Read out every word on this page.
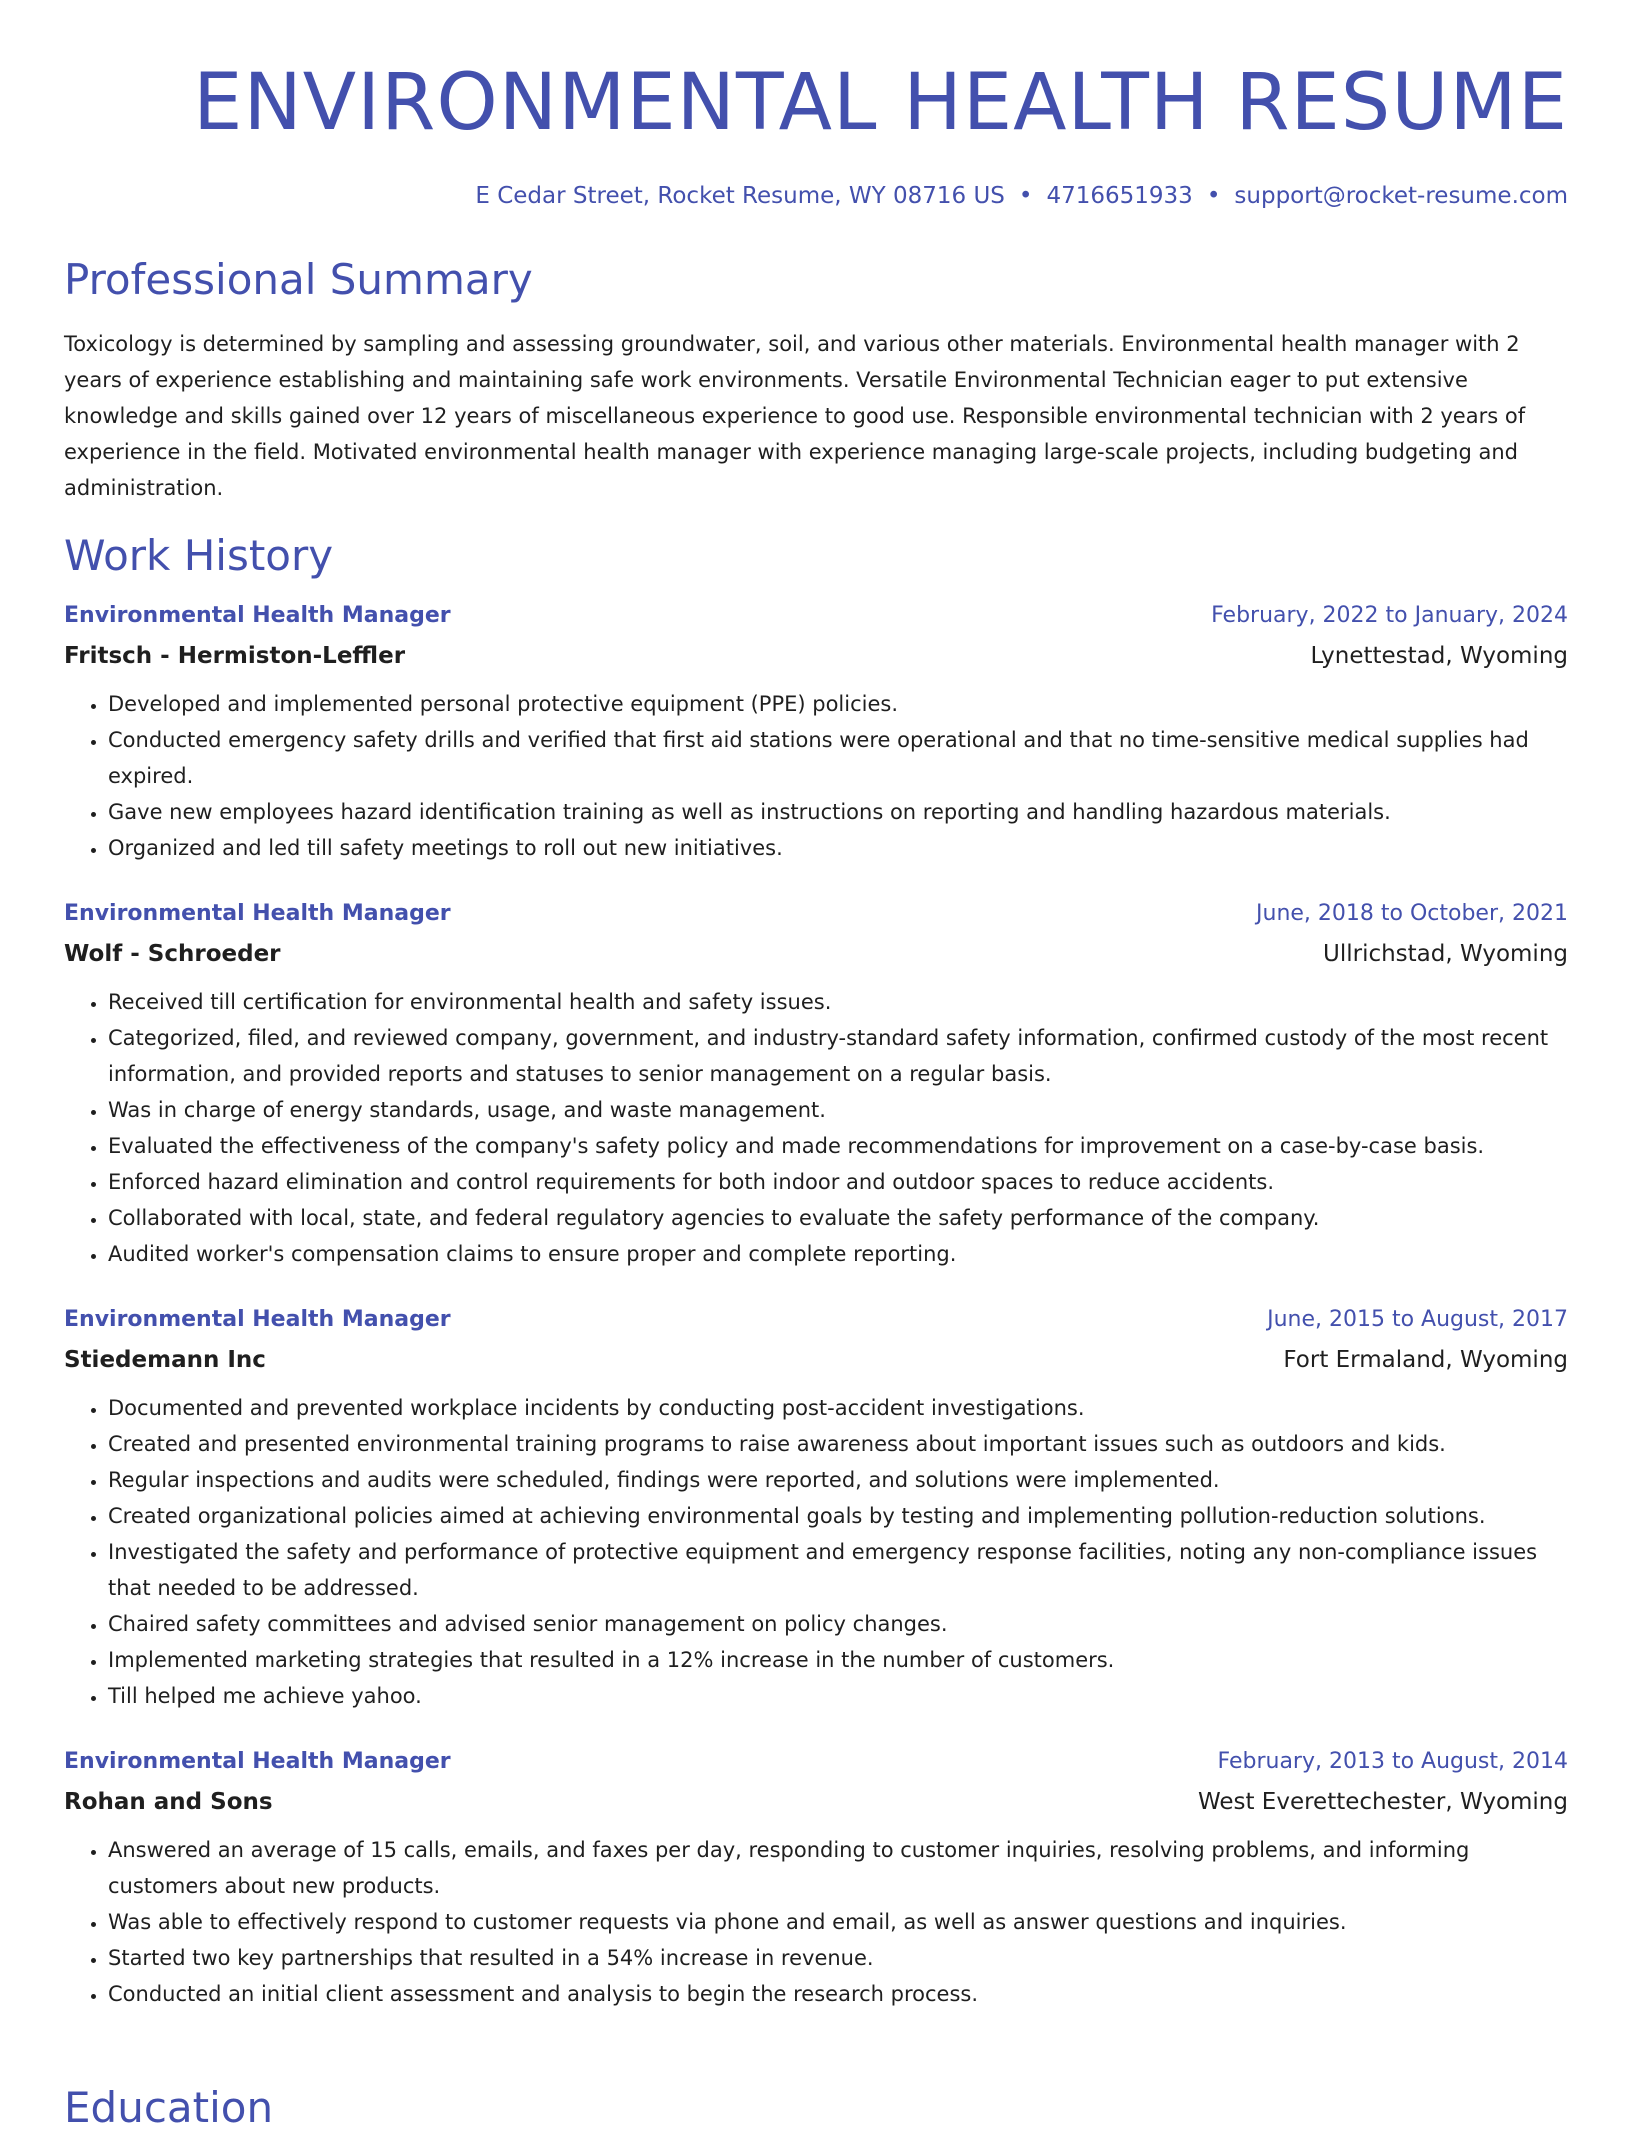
ENVIRONMENTAL HEALTH RESUME
E Cedar Street, Rocket Resume, WY 08716 US • 4716651933 • support@rocket-resume.com
Professional Summary
Toxicology is determined by sampling and assessing groundwater, soil, and various other materials. Environmental health manager with 2 years of experience establishing and maintaining safe work environments. Versatile Environmental Technician eager to put extensive knowledge and skills gained over 12 years of miscellaneous experience to good use. Responsible environmental technician with 2 years of experience in the field. Motivated environmental health manager with experience managing large-scale projects, including budgeting and administration.
Work History
Environmental Health Manager	February, 2022 to January, 2024
Fritsch - Hermiston-Leffler	Lynettestad, Wyoming
• Developed and implemented personal protective equipment (PPE) policies.
• Conducted emergency safety drills and verified that first aid stations were operational and that no time-sensitive medical supplies had expired.
• Gave new employees hazard identification training as well as instructions on reporting and handling hazardous materials.
• Organized and led till safety meetings to roll out new initiatives.
Environmental Health Manager	June, 2018 to October, 2021
Wolf - Schroeder	Ullrichstad, Wyoming
• Received till certification for environmental health and safety issues.
• Categorized, filed, and reviewed company, government, and industry-standard safety information, confirmed custody of the most recent information, and provided reports and statuses to senior management on a regular basis.
• Was in charge of energy standards, usage, and waste management.
• Evaluated the effectiveness of the company's safety policy and made recommendations for improvement on a case-by-case basis.
• Enforced hazard elimination and control requirements for both indoor and outdoor spaces to reduce accidents.
• Collaborated with local, state, and federal regulatory agencies to evaluate the safety performance of the company.
• Audited worker's compensation claims to ensure proper and complete reporting.
Environmental Health Manager	June, 2015 to August, 2017
Stiedemann Inc	Fort Ermaland, Wyoming
• Documented and prevented workplace incidents by conducting post-accident investigations.
• Created and presented environmental training programs to raise awareness about important issues such as outdoors and kids.
• Regular inspections and audits were scheduled, findings were reported, and solutions were implemented.
• Created organizational policies aimed at achieving environmental goals by testing and implementing pollution-reduction solutions.
• Investigated the safety and performance of protective equipment and emergency response facilities, noting any non-compliance issues that needed to be addressed.
• Chaired safety committees and advised senior management on policy changes.
• Implemented marketing strategies that resulted in a 12% increase in the number of customers.
• Till helped me achieve yahoo.
Environmental Health Manager	February, 2013 to August, 2014
Rohan and Sons	West Everettechester, Wyoming
• Answered an average of 15 calls, emails, and faxes per day, responding to customer inquiries, resolving problems, and informing customers about new products.
• Was able to effectively respond to customer requests via phone and email, as well as answer questions and inquiries.
• Started two key partnerships that resulted in a 54% increase in revenue.
• Conducted an initial client assessment and analysis to begin the research process.
Education
